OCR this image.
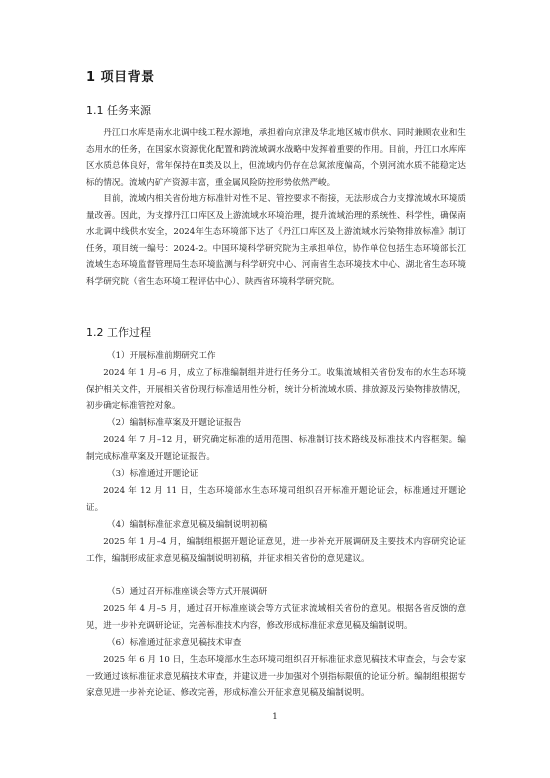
1 项目背景
1.1 任务来源

丹江口水库是南水北调中线工程水源地，承担着向京津及华北地区城市供水、同时兼顾农业和生态用水的任务，在国家水资源优化配置和跨流域调水战略中发挥着重要的作用。目前，丹江口水库库区水质总体良好，常年保持在Ⅱ类及以上，但流域内仍存在总氮浓度偏高，个别河流水质不能稳定达标的情况。流域内矿产资源丰富，重金属风险防控形势依然严峻。

目前，流域内相关省份地方标准针对性不足、管控要求不衔接，无法形成合力支撑流域水环境质量改善。因此，为支撑丹江口库区及上游流域水环境治理，提升流域治理的系统性、科学性，确保南水北调中线供水安全，2024年生态环境部下达了《丹江口库区及上游流域水污染物排放标准》制订任务，项目统一编号：2024-2。中国环境科学研究院为主承担单位，协作单位包括生态环境部长江流域生态环境监督管理局生态环境监测与科学研究中心、河南省生态环境技术中心、湖北省生态环境科学研究院（省生态环境工程评估中心）、陕西省环境科学研究院。

1.2 工作过程

（1）开展标准前期研究工作

2024 年 1 月–6 月，成立了标准编制组并进行任务分工。收集流域相关省份发布的水生态环境保护相关文件，开展相关省份现行标准适用性分析，统计分析流域水质、排放源及污染物排放情况，初步确定标准管控对象。

（2）编制标准草案及开题论证报告

2024 年 7 月–12 月，研究确定标准的适用范围、标准制订技术路线及标准技术内容框架。编制完成标准草案及开题论证报告。

（3）标准通过开题论证

2024 年 12 月 11 日，生态环境部水生态环境司组织召开标准开题论证会，标准通过开题论证。

（4）编制标准征求意见稿及编制说明初稿

2025 年 1 月–4 月，编制组根据开题论证意见，进一步补充开展调研及主要技术内容研究论证工作，编制形成征求意见稿及编制说明初稿，并征求相关省份的意见建议。

（5）通过召开标准座谈会等方式开展调研

2025 年 4 月–5 月，通过召开标准座谈会等方式征求流域相关省份的意见。根据各省反馈的意见，进一步补充调研论证，完善标准技术内容，修改形成标准征求意见稿及编制说明。

（6）标准通过征求意见稿技术审查

2025 年 6 月 10 日，生态环境部水生态环境司组织召开标准征求意见稿技术审查会，与会专家一致通过该标准征求意见稿技术审查，并建议进一步加强对个别指标限值的论证分析。编制组根据专家意见进一步补充论证、修改完善，形成标准公开征求意见稿及编制说明。

1
